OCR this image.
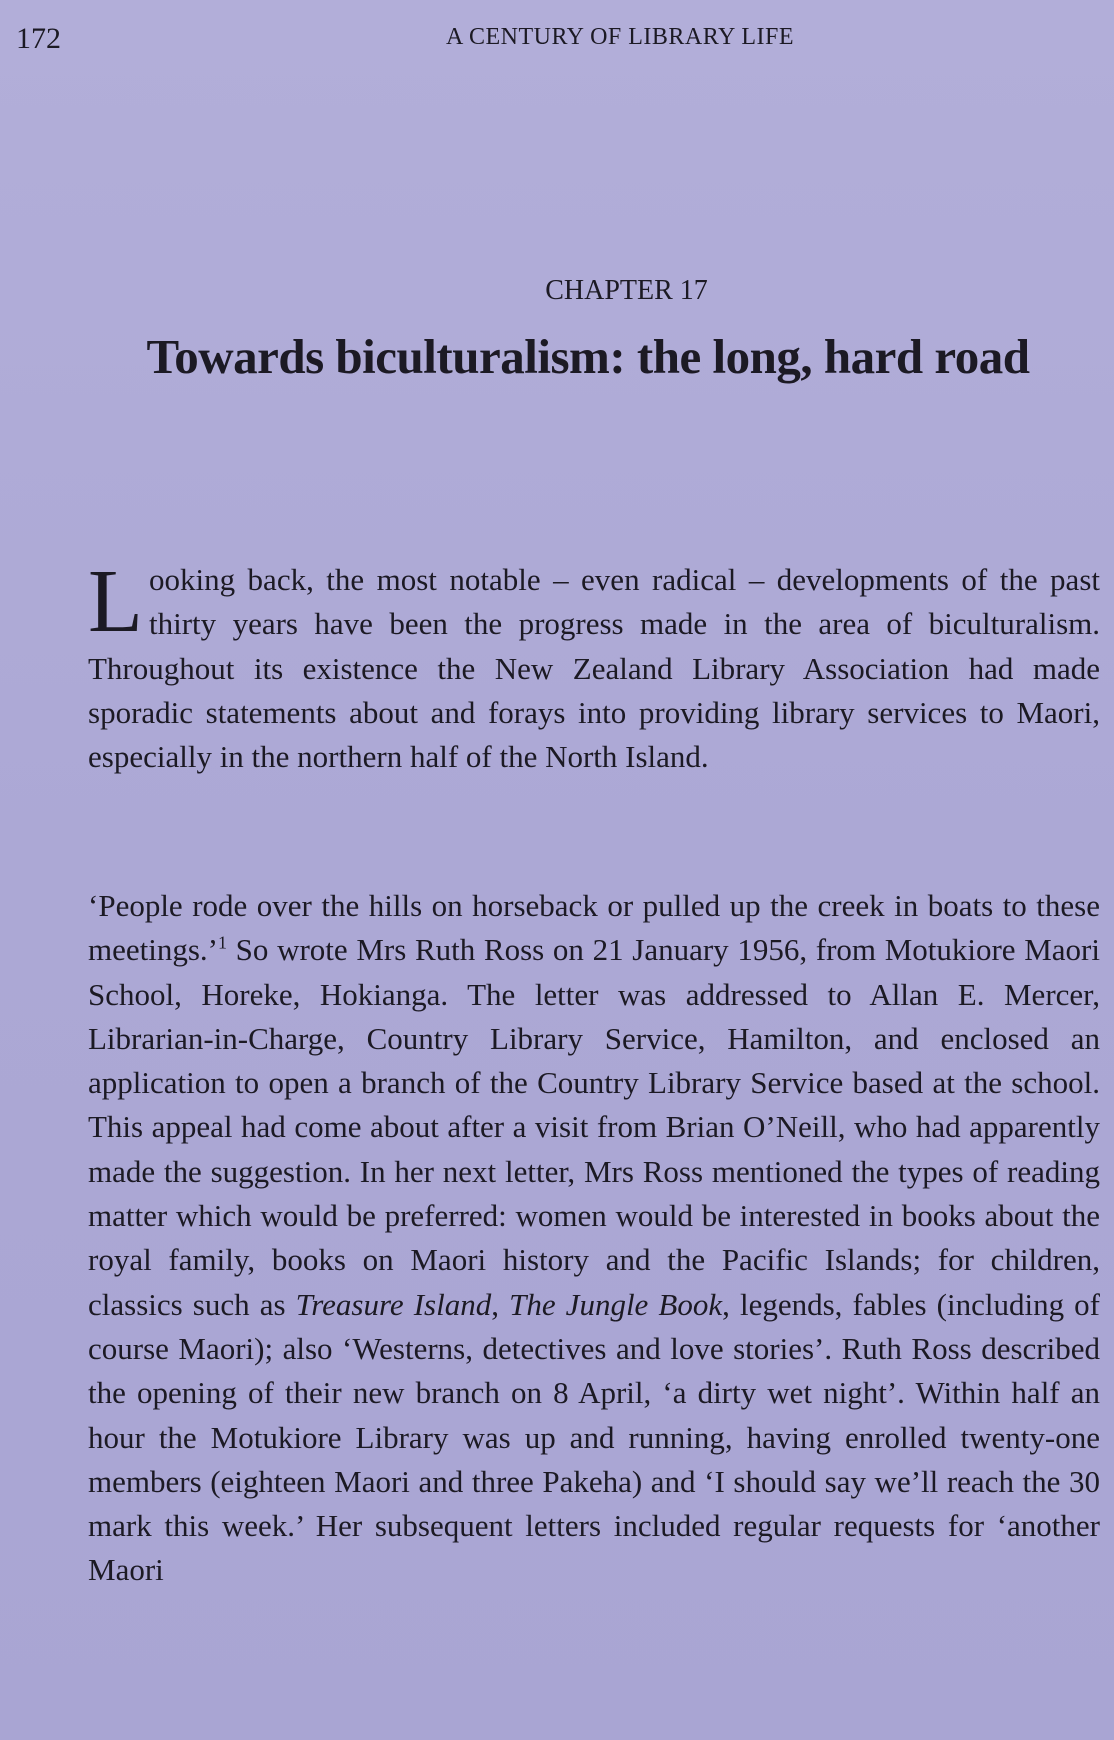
172	A CENTURY OF LIBRARY LIFE
CHAPTER 17
Towards biculturalism: the long, hard road

Looking back, the most notable – even radical – developments of the past thirty years have been the progress made in the area of biculturalism. Throughout its existence the New Zealand Library Association had made sporadic statements about and forays into providing library services to Maori, especially in the northern half of the North Island.

‘People rode over the hills on horseback or pulled up the creek in boats to these meetings.’$^1$ So wrote Mrs Ruth Ross on 21 January 1956, from Motukiore Maori School, Horeke, Hokianga. The letter was addressed to Allan E. Mercer, Librarian-in-Charge, Country Library Service, Hamilton, and enclosed an application to open a branch of the Country Library Service based at the school. This appeal had come about after a visit from Brian O’Neill, who had apparently made the suggestion. In her next letter, Mrs Ross mentioned the types of reading matter which would be preferred: women would be interested in books about the royal family, books on Maori history and the Pacific Islands; for children, classics such as Treasure Island, The Jungle Book, legends, fables (including of course Maori); also ‘Westerns, detectives and love stories’. Ruth Ross described the opening of their new branch on 8 April, ‘a dirty wet night’. Within half an hour the Motukiore Library was up and running, having enrolled twenty-one members (eighteen Maori and three Pakeha) and ‘I should say we’ll reach the 30 mark this week.’ Her subsequent letters included regular requests for ‘another Maori
